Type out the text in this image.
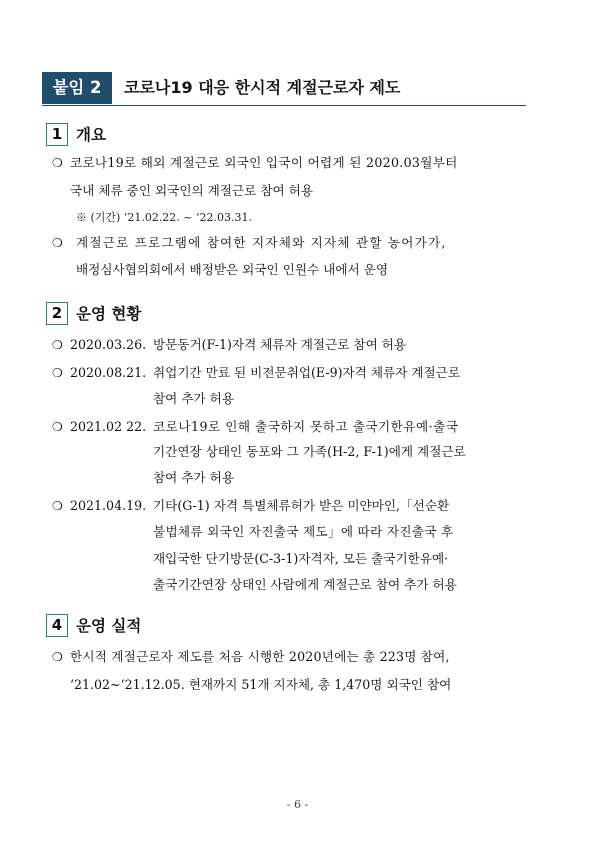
붙임 2	코로나19 대응 한시적 계절근로자 제도
1 개요
❍ 코로나19로 해외 계절근로 외국인 입국이 어렵게 된 2020.03월부터
국내 체류 중인 외국인의 계절근로 참여 허용
※ (기간) ‘21.02.22. ~ ‘22.03.31.
❍ 계절근로 프로그램에 참여한 지자체와 지자체 관할 농어가가,
배정심사협의회에서 배정받은 외국인 인원수 내에서 운영
2 운영 현황
❍ 2020.03.26. 방문동거(F-1)자격 체류자 계절근로 참여 허용
❍ 2020.08.21. 취업기간 만료 된 비전문취업(E-9)자격 체류자 계절근로
참여 추가 허용
❍ 2021.02 22. 코로나19로 인해 출국하지 못하고 출국기한유예·출국
기간연장 상태인 동포와 그 가족(H-2, F-1)에게 계절근로
참여 추가 허용
❍ 2021.04.19. 기타(G-1) 자격 특별체류허가 받은 미얀마인,「선순환
불법체류 외국인 자진출국 제도」에 따라 자진출국 후
재입국한 단기방문(C-3-1)자격자, 모든 출국기한유예·
출국기간연장 상태인 사람에게 계절근로 참여 추가 허용
4 운영 실적
❍ 한시적 계절근로자 제도를 처음 시행한 2020년에는 총 223명 참여,
‘21.02~‘21.12.05. 현재까지 51개 지자체, 총 1,470명 외국인 참여
- 6 -
